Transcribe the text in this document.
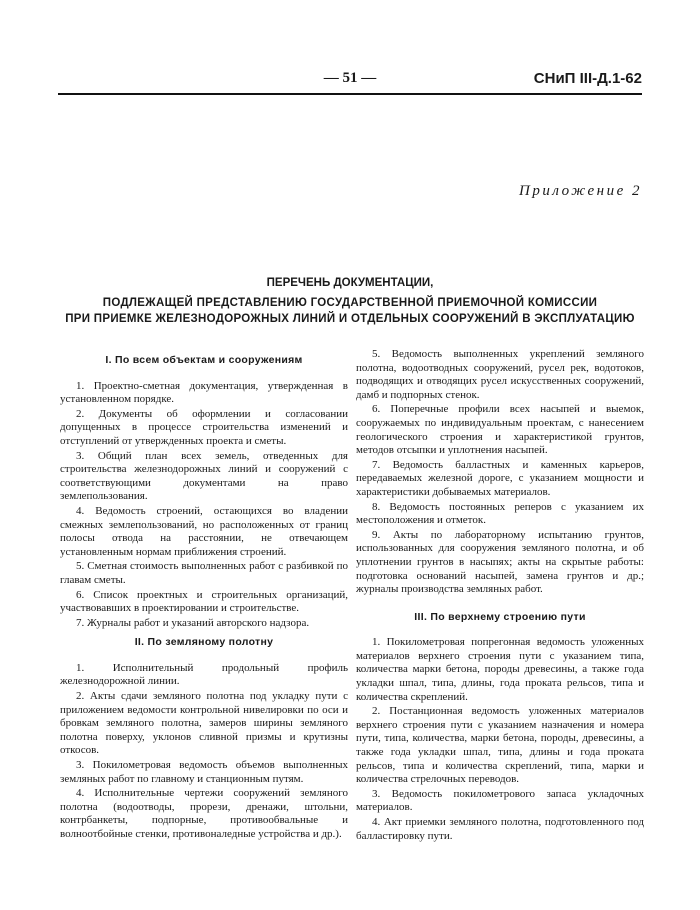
— 51 —	СНиП III-Д.1-62
Приложение 2
ПЕРЕЧЕНЬ ДОКУМЕНТАЦИИ,
ПОДЛЕЖАЩЕЙ ПРЕДСТАВЛЕНИЮ ГОСУДАРСТВЕННОЙ ПРИЕМОЧНОЙ КОМИССИИ
ПРИ ПРИЕМКЕ ЖЕЛЕЗНОДОРОЖНЫХ ЛИНИЙ И ОТДЕЛЬНЫХ СООРУЖЕНИЙ В ЭКСПЛУАТАЦИЮ
I. По всем объектам и сооружениям

1. Проектно-сметная документация, утвержденная в установленном порядке.

2. Документы об оформлении и согласовании допущенных в процессе строительства изменений и отступлений от утвержденных проекта и сметы.

3. Общий план всех земель, отведенных для строительства железнодорожных линий и сооружений с соответствующими документами на право землепользования.

4. Ведомость строений, остающихся во владении смежных землепользований, но расположенных от границ полосы отвода на расстоянии, не отвечающем установленным нормам приближения строений.

5. Сметная стоимость выполненных работ с разбивкой по главам сметы.

6. Список проектных и строительных организаций, участвовавших в проектировании и строительстве.

7. Журналы работ и указаний авторского надзора.

II. По земляному полотну

1. Исполнительный продольный профиль железнодорожной линии.

2. Акты сдачи земляного полотна под укладку пути с приложением ведомости контрольной нивелировки по оси и бровкам земляного полотна, замеров ширины земляного полотна поверху, уклонов сливной призмы и крутизны откосов.

3. Покилометровая ведомость объемов выполненных земляных работ по главному и станционным путям.

4. Исполнительные чертежи сооружений земляного полотна (водоотводы, прорези, дренажи, штольни, контрбанкеты, подпорные, противообвальные и волноотбойные стенки, противоналедные устройства и др.).

5. Ведомость выполненных укреплений земляного полотна, водоотводных сооружений, русел рек, водотоков, подводящих и отводящих русел искусственных сооружений, дамб и подпорных стенок.

6. Поперечные профили всех насыпей и выемок, сооружаемых по индивидуальным проектам, с нанесением геологического строения и характеристикой грунтов, методов отсыпки и уплотнения насыпей.

7. Ведомость балластных и каменных карьеров, передаваемых железной дороге, с указанием мощности и характеристики добываемых материалов.

8. Ведомость постоянных реперов с указанием их местоположения и отметок.

9. Акты по лабораторному испытанию грунтов, использованных для сооружения земляного полотна, и об уплотнении грунтов в насыпях; акты на скрытые работы: подготовка оснований насыпей, замена грунтов и др.; журналы производства земляных работ.

III. По верхнему строению пути

1. Покилометровая попрегонная ведомость уложенных материалов верхнего строения пути с указанием типа, количества марки бетона, породы древесины, а также года укладки шпал, типа, длины, года проката рельсов, типа и количества скреплений.

2. Постанционная ведомость уложенных материалов верхнего строения пути с указанием назначения и номера пути, типа, количества, марки бетона, породы, древесины, а также года укладки шпал, типа, длины и года проката рельсов, типа и количества скреплений, типа, марки и количества стрелочных переводов.

3. Ведомость покилометрового запаса укладочных материалов.

4. Акт приемки земляного полотна, подготовленного под балластировку пути.
